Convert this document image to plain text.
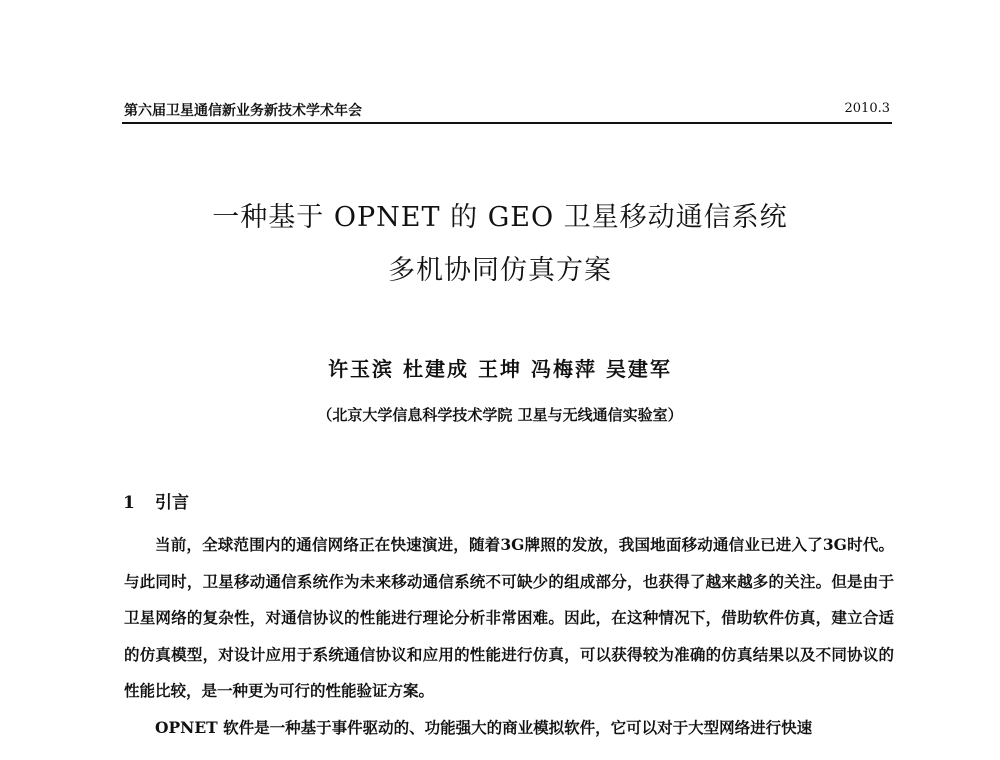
第六届卫星通信新业务新技术学术年会	2010.3
一种基于 OPNET 的 GEO 卫星移动通信系统
多机协同仿真方案
许玉滨 杜建成 王坤 冯梅萍 吴建军
（北京大学信息科学技术学院 卫星与无线通信实验室）
1 引言

当前，全球范围内的通信网络正在快速演进，随着3G牌照的发放，我国地面移动通信业已进入了3G时代。与此同时，卫星移动通信系统作为未来移动通信系统不可缺少的组成部分，也获得了越来越多的关注。但是由于卫星网络的复杂性，对通信协议的性能进行理论分析非常困难。因此，在这种情况下，借助软件仿真，建立合适的仿真模型，对设计应用于系统通信协议和应用的性能进行仿真，可以获得较为准确的仿真结果以及不同协议的性能比较，是一种更为可行的性能验证方案。

OPNET 软件是一种基于事件驱动的、功能强大的商业模拟软件，它可以对于大型网络进行快速
